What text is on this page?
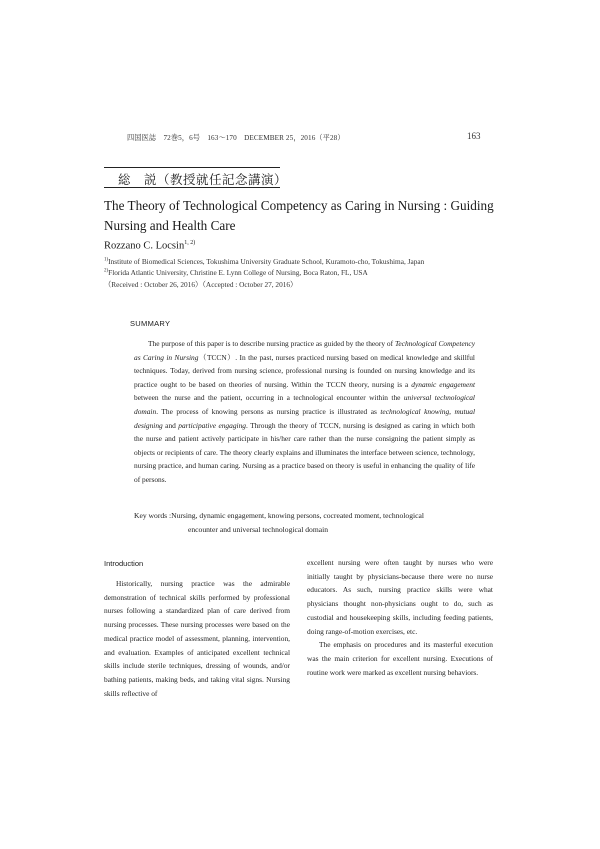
四国医誌　72巻5，6号　163～170　DECEMBER 25，2016（平28）	163
総　説（教授就任記念講演）
The Theory of Technological Competency as Caring in Nursing : Guiding Nursing and Health Care
Rozzano C. Locsin$^{1, 2)}$
$^{1)}$Institute of Biomedical Sciences, Tokushima University Graduate School, Kuramoto-cho, Tokushima, Japan
$^{2)}$Florida Atlantic University, Christine E. Lynn College of Nursing, Boca Raton, FL, USA
（Received : October 26, 2016）（Accepted : October 27, 2016）
SUMMARY
The purpose of this paper is to describe nursing practice as guided by the theory of Technological Competency as Caring in Nursing（TCCN）. In the past, nurses practiced nursing based on medical knowledge and skillful techniques. Today, derived from nursing science, professional nursing is founded on nursing knowledge and its practice ought to be based on theories of nursing. Within the TCCN theory, nursing is a dynamic engagement between the nurse and the patient, occurring in a technological encounter within the universal technological domain. The process of knowing persons as nursing practice is illustrated as technological knowing, mutual designing and participative engaging. Through the theory of TCCN, nursing is designed as caring in which both the nurse and patient actively participate in his/her care rather than the nurse consigning the patient simply as objects or recipients of care. The theory clearly explains and illuminates the interface between science, technology, nursing practice, and human caring. Nursing as a practice based on theory is useful in enhancing the quality of life of persons.
Key words :Nursing, dynamic engagement, knowing persons, cocreated moment, technological
encounter and universal technological domain
Introduction

Historically, nursing practice was the admirable demonstration of technical skills performed by professional nurses following a standardized plan of care derived from nursing processes. These nursing processes were based on the medical practice model of assessment, planning, intervention, and evaluation. Examples of anticipated excellent technical skills include sterile techniques, dressing of wounds, and/or bathing patients, making beds, and taking vital signs. Nursing skills reflective of

excellent nursing were often taught by nurses who were initially taught by physicians-because there were no nurse educators. As such, nursing practice skills were what physicians thought non-physicians ought to do, such as custodial and housekeeping skills, including feeding patients, doing range-of-motion exercises, etc.

The emphasis on procedures and its masterful execution was the main criterion for excellent nursing. Executions of routine work were marked as excellent nursing behaviors.
